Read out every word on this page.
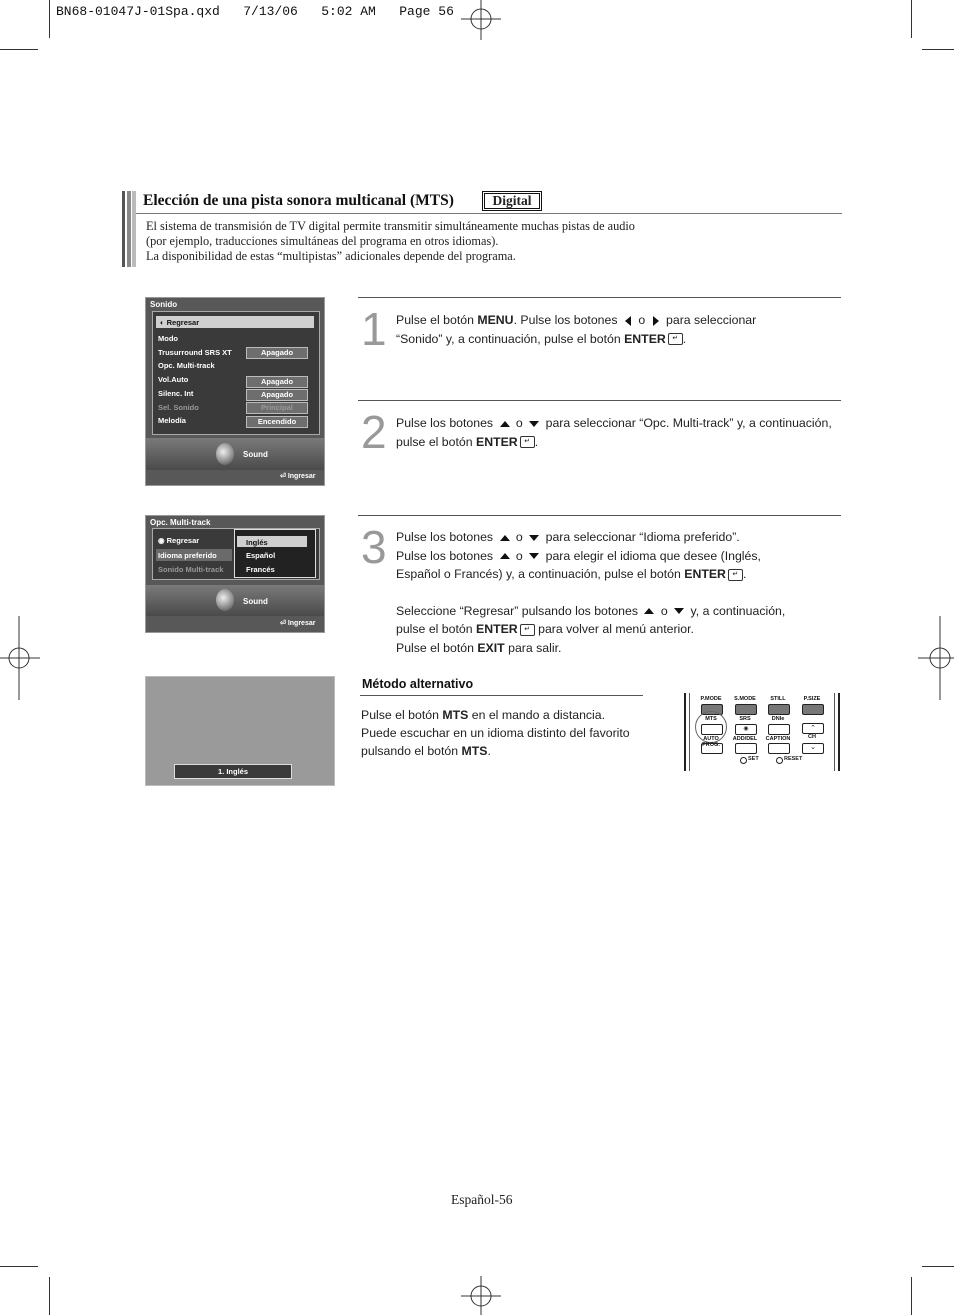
BN68-01047J-01Spa.qxd   7/13/06   5:02 AM   Page 56
Elección de una pista sonora multicanal (MTS)	Digital
El sistema de transmisión de TV digital permite transmitir simultáneamente muchas pistas de audio
(por ejemplo, traducciones simultáneas del programa en otros idiomas).
La disponibilidad de estas “multipistas” adicionales depende del programa.
Sonido
◐ Regresar
Modo
Trusurround SRS XT	Apagado
Opc. Multi-track
Vol.Auto	Apagado
Silenc. Int	Apagado
Sel. Sonido	Principal
Melodía	Encendido
Sound
⏎ Ingresar
Opc. Multi-track
◉ Regresar
Idioma preferido
Sonido Multi-track
Inglés
Español
Francés
Sound
⏎ Ingresar
1. Inglés
1
2
3
Pulse el botón MENU. Pulse los botones  o  para seleccionar
“Sonido” y, a continuación, pulse el botón ENTER ↵ .
Pulse los botones  o  para seleccionar “Opc. Multi-track” y, a continuación,
pulse el botón ENTER ↵ .
Pulse los botones  o  para seleccionar “Idioma preferido”.
Pulse los botones  o  para elegir el idioma que desee (Inglés,
Español o Francés) y, a continuación, pulse el botón ENTER ↵ .
Seleccione “Regresar” pulsando los botones  o  y, a continuación,
pulse el botón ENTER ↵ para volver al menú anterior.
Pulse el botón EXIT para salir.
Método alternativo
Pulse el botón MTS en el mando a distancia.
Puede escuchar en un idioma distinto del favorito
pulsando el botón MTS.
P.MODE	S.MODE	STILL	P.SIZE
MTS	SRS	DNIe
◉	⌃
AUTO PROG.
ADD/DEL	CAPTION	CH
⌄
SET	RESET
Español-56
